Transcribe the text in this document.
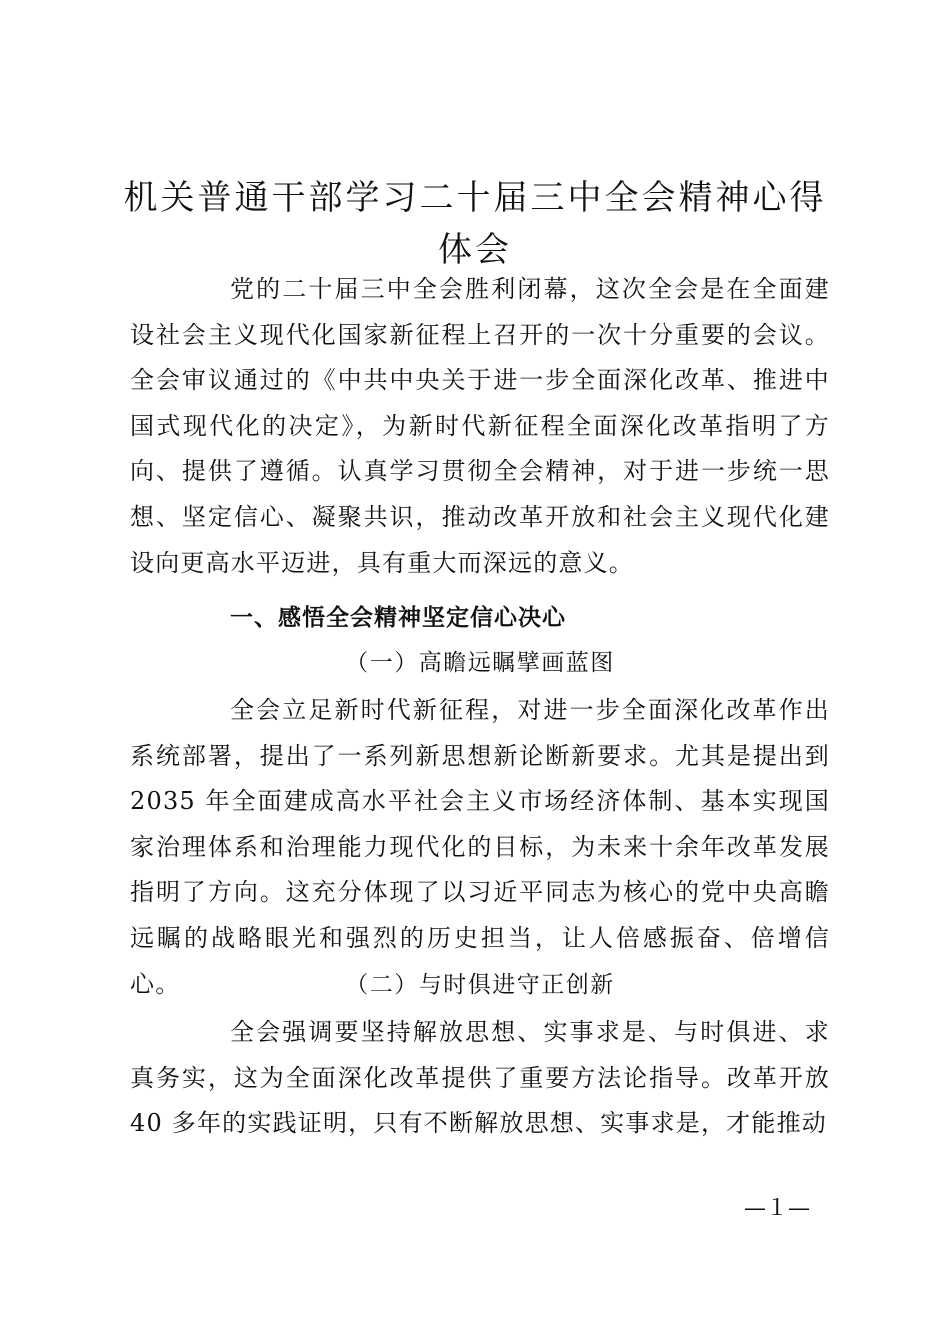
机关普通干部学习二十届三中全会精神心得体会

党的二十届三中全会胜利闭幕，这次全会是在全面建设社会主义现代化国家新征程上召开的一次十分重要的会议。全会审议通过的《中共中央关于进一步全面深化改革、推进中国式现代化的决定》，为新时代新征程全面深化改革指明了方向、提供了遵循。认真学习贯彻全会精神，对于进一步统一思想、坚定信心、凝聚共识，推动改革开放和社会主义现代化建设向更高水平迈进，具有重大而深远的意义。

一、感悟全会精神坚定信心决心

（一）高瞻远瞩擘画蓝图

全会立足新时代新征程，对进一步全面深化改革作出系统部署，提出了一系列新思想新论断新要求。尤其是提出到2035 年全面建成高水平社会主义市场经济体制、基本实现国家治理体系和治理能力现代化的目标，为未来十余年改革发展指明了方向。这充分体现了以习近平同志为核心的党中央高瞻远瞩的战略眼光和强烈的历史担当，让人倍感振奋、倍增信心。	（二）与时俱进守正创新

全会强调要坚持解放思想、实事求是、与时俱进、求真务实，这为全面深化改革提供了重要方法论指导。改革开放40 多年的实践证明，只有不断解放思想、实事求是，才能推动

—１—
